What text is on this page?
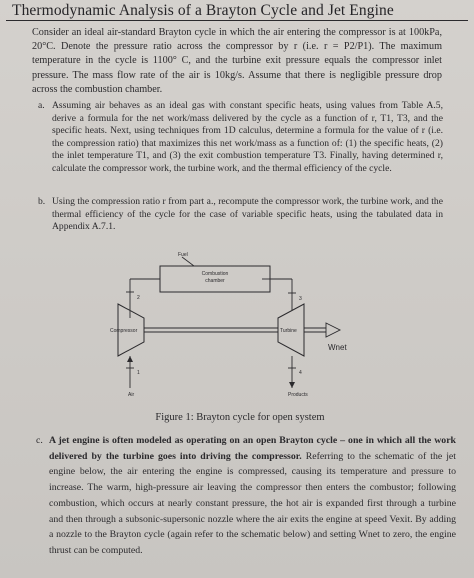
Thermodynamic Analysis of a Brayton Cycle and Jet Engine
Consider an ideal air-standard Brayton cycle in which the air entering the compressor is at 100kPa, 20°C. Denote the pressure ratio across the compressor by r (i.e. r = P2/P1). The maximum temperature in the cycle is 1100° C, and the turbine exit pressure equals the compressor inlet pressure. The mass flow rate of the air is 10kg/s. Assume that there is negligible pressure drop across the combustion chamber.
a. Assuming air behaves as an ideal gas with constant specific heats, using values from Table A.5, derive a formula for the net work/mass delivered by the cycle as a function of r, T1, T3, and the specific heats. Next, using techniques from 1D calculus, determine a formula for the value of r (i.e. the compression ratio) that maximizes this net work/mass as a function of: (1) the specific heats, (2) the inlet temperature T1, and (3) the exit combustion temperature T3. Finally, having determined r, calculate the compressor work, the turbine work, and the thermal efficiency of the cycle.
b. Using the compression ratio r from part a., recompute the compressor work, the turbine work, and the thermal efficiency of the cycle for the case of variable specific heats, using the tabulated data in Appendix A.7.1.
Fuel
Combustion
chamber
2	3
Compressor	Turbine
Wnet
1
Air
4
Products
Figure 1: Brayton cycle for open system
c. A jet engine is often modeled as operating on an open Brayton cycle – one in which all the work delivered by the turbine goes into driving the compressor. Referring to the schematic of the jet engine below, the air entering the engine is compressed, causing its temperature and pressure to increase. The warm, high-pressure air leaving the compressor then enters the combustor; following combustion, which occurs at nearly constant pressure, the hot air is expanded first through a turbine and then through a subsonic-supersonic nozzle where the air exits the engine at speed Vexit. By adding a nozzle to the Brayton cycle (again refer to the schematic below) and setting Wnet to zero, the engine thrust can be computed.
